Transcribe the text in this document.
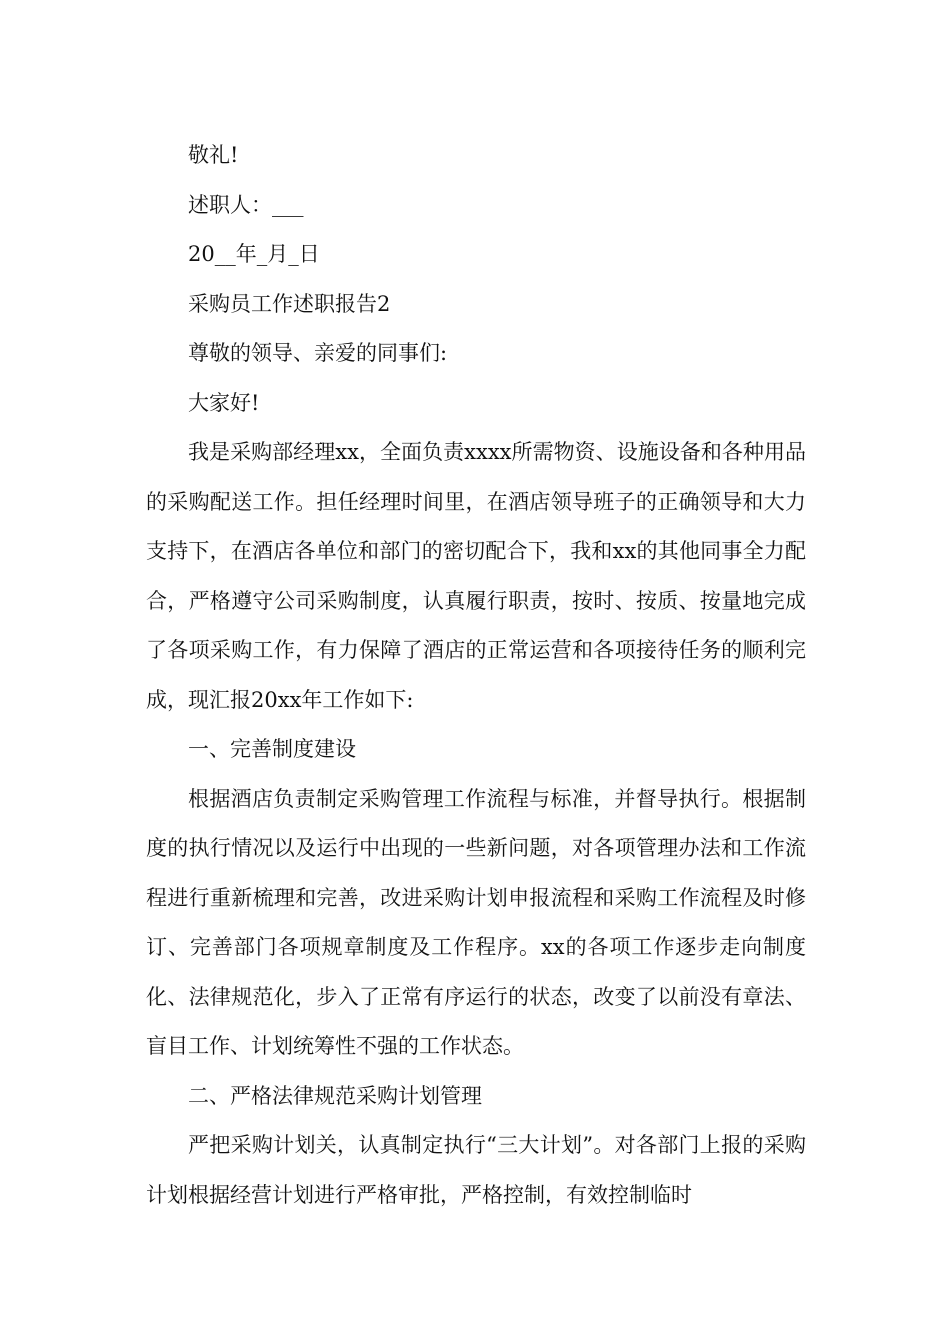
敬礼!

述职人：___

20__年_月_日

采购员工作述职报告2

尊敬的领导、亲爱的同事们:

大家好!

我是采购部经理xx，全面负责xxxx所需物资、设施设备和各种用品的采购配送工作。担任经理时间里，在酒店领导班子的正确领导和大力支持下，在酒店各单位和部门的密切配合下，我和xx的其他同事全力配合，严格遵守公司采购制度，认真履行职责，按时、按质、按量地完成了各项采购工作，有力保障了酒店的正常运营和各项接待任务的顺利完成，现汇报20xx年工作如下:

一、完善制度建设

根据酒店负责制定采购管理工作流程与标准，并督导执行。根据制度的执行情况以及运行中出现的一些新问题，对各项管理办法和工作流程进行重新梳理和完善，改进采购计划申报流程和采购工作流程及时修订、完善部门各项规章制度及工作程序。xx的各项工作逐步走向制度化、法律规范化，步入了正常有序运行的状态，改变了以前没有章法、盲目工作、计划统筹性不强的工作状态。

二、严格法律规范采购计划管理

严把采购计划关，认真制定执行“三大计划”。对各部门上报的采购计划根据经营计划进行严格审批，严格控制，有效控制临时
